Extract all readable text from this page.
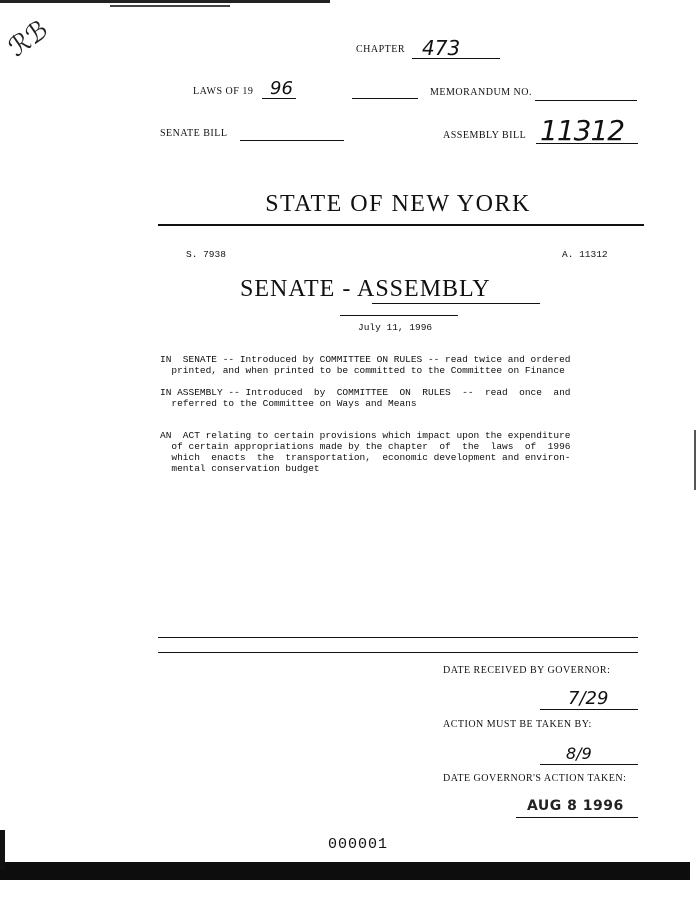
ℛℬ	CHAPTER 473
LAWS OF 19 96	MEMORANDUM NO.
SENATE BILL	ASSEMBLY BILL 11312
STATE OF NEW YORK
S. 7938	A. 11312
SENATE - ASSEMBLY
July 11, 1996
IN  SENATE -- Introduced by COMMITTEE ON RULES -- read twice and ordered
printed, and when printed to be committed to the Committee on Finance
IN ASSEMBLY -- Introduced  by  COMMITTEE  ON  RULES  --  read  once  and
referred to the Committee on Ways and Means
AN  ACT relating to certain provisions which impact upon the expenditure
of certain appropriations made by the chapter  of  the  laws  of  1996
which  enacts  the  transportation,  economic development and environ-
mental conservation budget
DATE RECEIVED BY GOVERNOR:
7/29
ACTION MUST BE TAKEN BY:
8/9
DATE GOVERNOR'S ACTION TAKEN:
AUG 8 1996
000001
